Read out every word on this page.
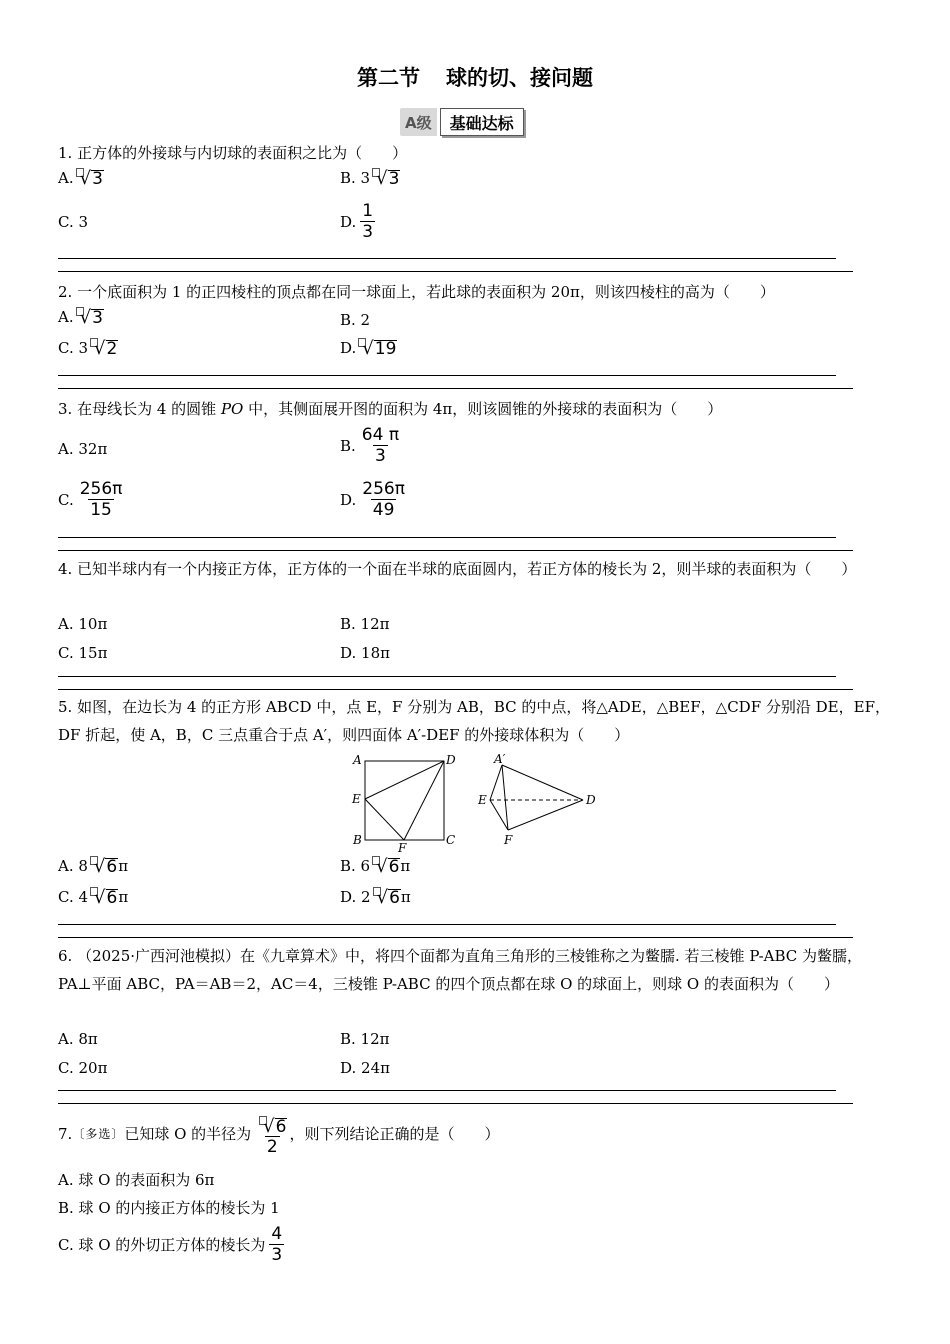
第二节 球的切、接问题
A级	基础达标
1. 正方体的外接球与内切球的表面积之比为（　　）
A. √ 3	B. 3 √ 3
C. 3	D. $\frac{1}{3}$
2. 一个底面积为 1 的正四棱柱的顶点都在同一球面上，若此球的表面积为 20π，则该四棱柱的高为（　　）
A. √ 3	B. 2
C. 3 √ 2	D. √ 19
3. 在母线长为 4 的圆锥 PO 中，其侧面展开图的面积为 4π，则该圆锥的外接球的表面积为（　　）
A. 32π	B. $\frac{64 \pi}{3}$
C. $\frac{256\pi}{15}$	D. $\frac{256\pi}{49}$
4. 已知半球内有一个内接正方体，正方体的一个面在半球的底面圆内，若正方体的棱长为 2，则半球的表面积为（　　）
A. 10π	B. 12π
C. 15π	D. 18π
5. 如图，在边长为 4 的正方形 ABCD 中，点 E，F 分别为 AB，BC 的中点，将△ADE，△BEF，△CDF 分别沿 DE，EF，DF 折起，使 A，B，C 三点重合于点 A′，则四面体 A′-DEF 的外接球体积为（　　）
A	D
E
B	C
F
A′
E	D
F
A. 8 √ 6 π	B. 6 √ 6 π
C. 4 √ 6 π	D. 2 √ 6 π
6. （2025·广西河池模拟）在《九章算术》中，将四个面都为直角三角形的三棱锥称之为鳖臑. 若三棱锥 P-ABC 为鳖臑，PA⊥平面 ABC，PA＝AB＝2，AC＝4，三棱锥 P-ABC 的四个顶点都在球 O 的球面上，则球 O 的表面积为（　　）
A. 8π	B. 12π
C. 20π	D. 24π
7. 〔多选〕 已知球 O 的半径为 $\frac{√ 6}{2}$ ，则下列结论正确的是（　　）
A. 球 O 的表面积为 6π
B. 球 O 的内接正方体的棱长为 1
C. 球 O 的外切正方体的棱长为 $\frac{4}{3}$
